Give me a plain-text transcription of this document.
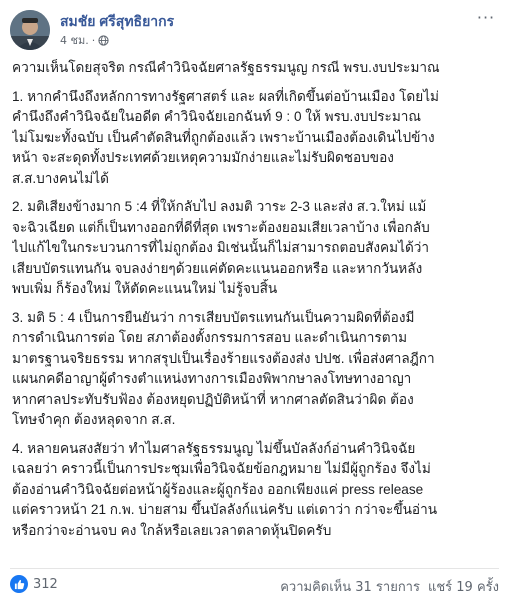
สมชัย ศรีสุทธิยากร
4 ชม. ·
···

ความเห็นโดยสุจริต กรณีคำวินิจฉัยศาลรัฐธรรมนูญ กรณี พรบ.งบประมาณ

1. หากคำนึงถึงหลักการทางรัฐศาสตร์ และ ผลที่เกิดขึ้นต่อบ้านเมือง โดยไม่
คำนึงถึงคำวินิจฉัยในอดีต คำวินิจฉัยเอกฉันท์ 9 : 0 ให้ พรบ.งบประมาณ
ไม่โมฆะทั้งฉบับ เป็นคำตัดสินที่ถูกต้องแล้ว เพราะบ้านเมืองต้องเดินไปข้าง
หน้า จะสะดุดทั้งประเทศด้วยเหตุความมักง่ายและไม่รับผิดชอบของ
ส.ส.บางคนไม่ได้

2. มติเสียงข้างมาก 5 :4 ที่ให้กลับไป ลงมติ วาระ 2-3 และส่ง ส.ว.ใหม่ แม้
จะฉิวเฉียด แต่ก็เป็นทางออกที่ดีที่สุด เพราะต้องยอมเสียเวลาบ้าง เพื่อกลับ
ไปแก้ไขในกระบวนการที่ไม่ถูกต้อง มิเช่นนั้นก็ไม่สามารถตอบสังคมได้ว่า
เสียบบัตรแทนกัน จบลงง่ายๆด้วยแค่ตัดคะแนนออกหรือ และหากวันหลัง
พบเพิ่ม ก็ร้องใหม่ ให้ตัดคะแนนใหม่ ไม่รู้จบสิ้น

3. มติ 5 : 4 เป็นการยืนยันว่า การเสียบบัตรแทนกันเป็นความผิดที่ต้องมี
การดำเนินการต่อ โดย สภาต้องตั้งกรรมการสอบ และดำเนินการตาม
มาตรฐานจริยธรรม หากสรุปเป็นเรื่องร้ายแรงต้องส่ง ปปช. เพื่อส่งศาลฎีกา
แผนกคดีอาญาผู้ดำรงตำแหน่งทางการเมืองพิพากษาลงโทษทางอาญา
หากศาลประทับรับฟ้อง ต้องหยุดปฏิบัติหน้าที่ หากศาลตัดสินว่าผิด ต้อง
โทษจำคุก ต้องหลุดจาก ส.ส.

4. หลายคนสงสัยว่า ทำไมศาลรัฐธรรมนูญ ไม่ขึ้นบัลลังก์อ่านคำวินิจฉัย
เฉลยว่า คราวนี้เป็นการประชุมเพื่อวินิจฉัยข้อกฎหมาย ไม่มีผู้ถูกร้อง จึงไม่
ต้องอ่านคำวินิจฉัยต่อหน้าผู้ร้องและผู้ถูกร้อง ออกเพียงแค่ press release
แต่คราวหน้า 21 ก.พ. บ่ายสาม ขึ้นบัลลังก์แน่ครับ แต่เดาว่า กว่าจะขึ้นอ่าน
หรือกว่าจะอ่านจบ คง ใกล้หรือเลยเวลาตลาดหุ้นปิดครับ

312	ความคิดเห็น 31 รายการ แชร์ 19 ครั้ง
